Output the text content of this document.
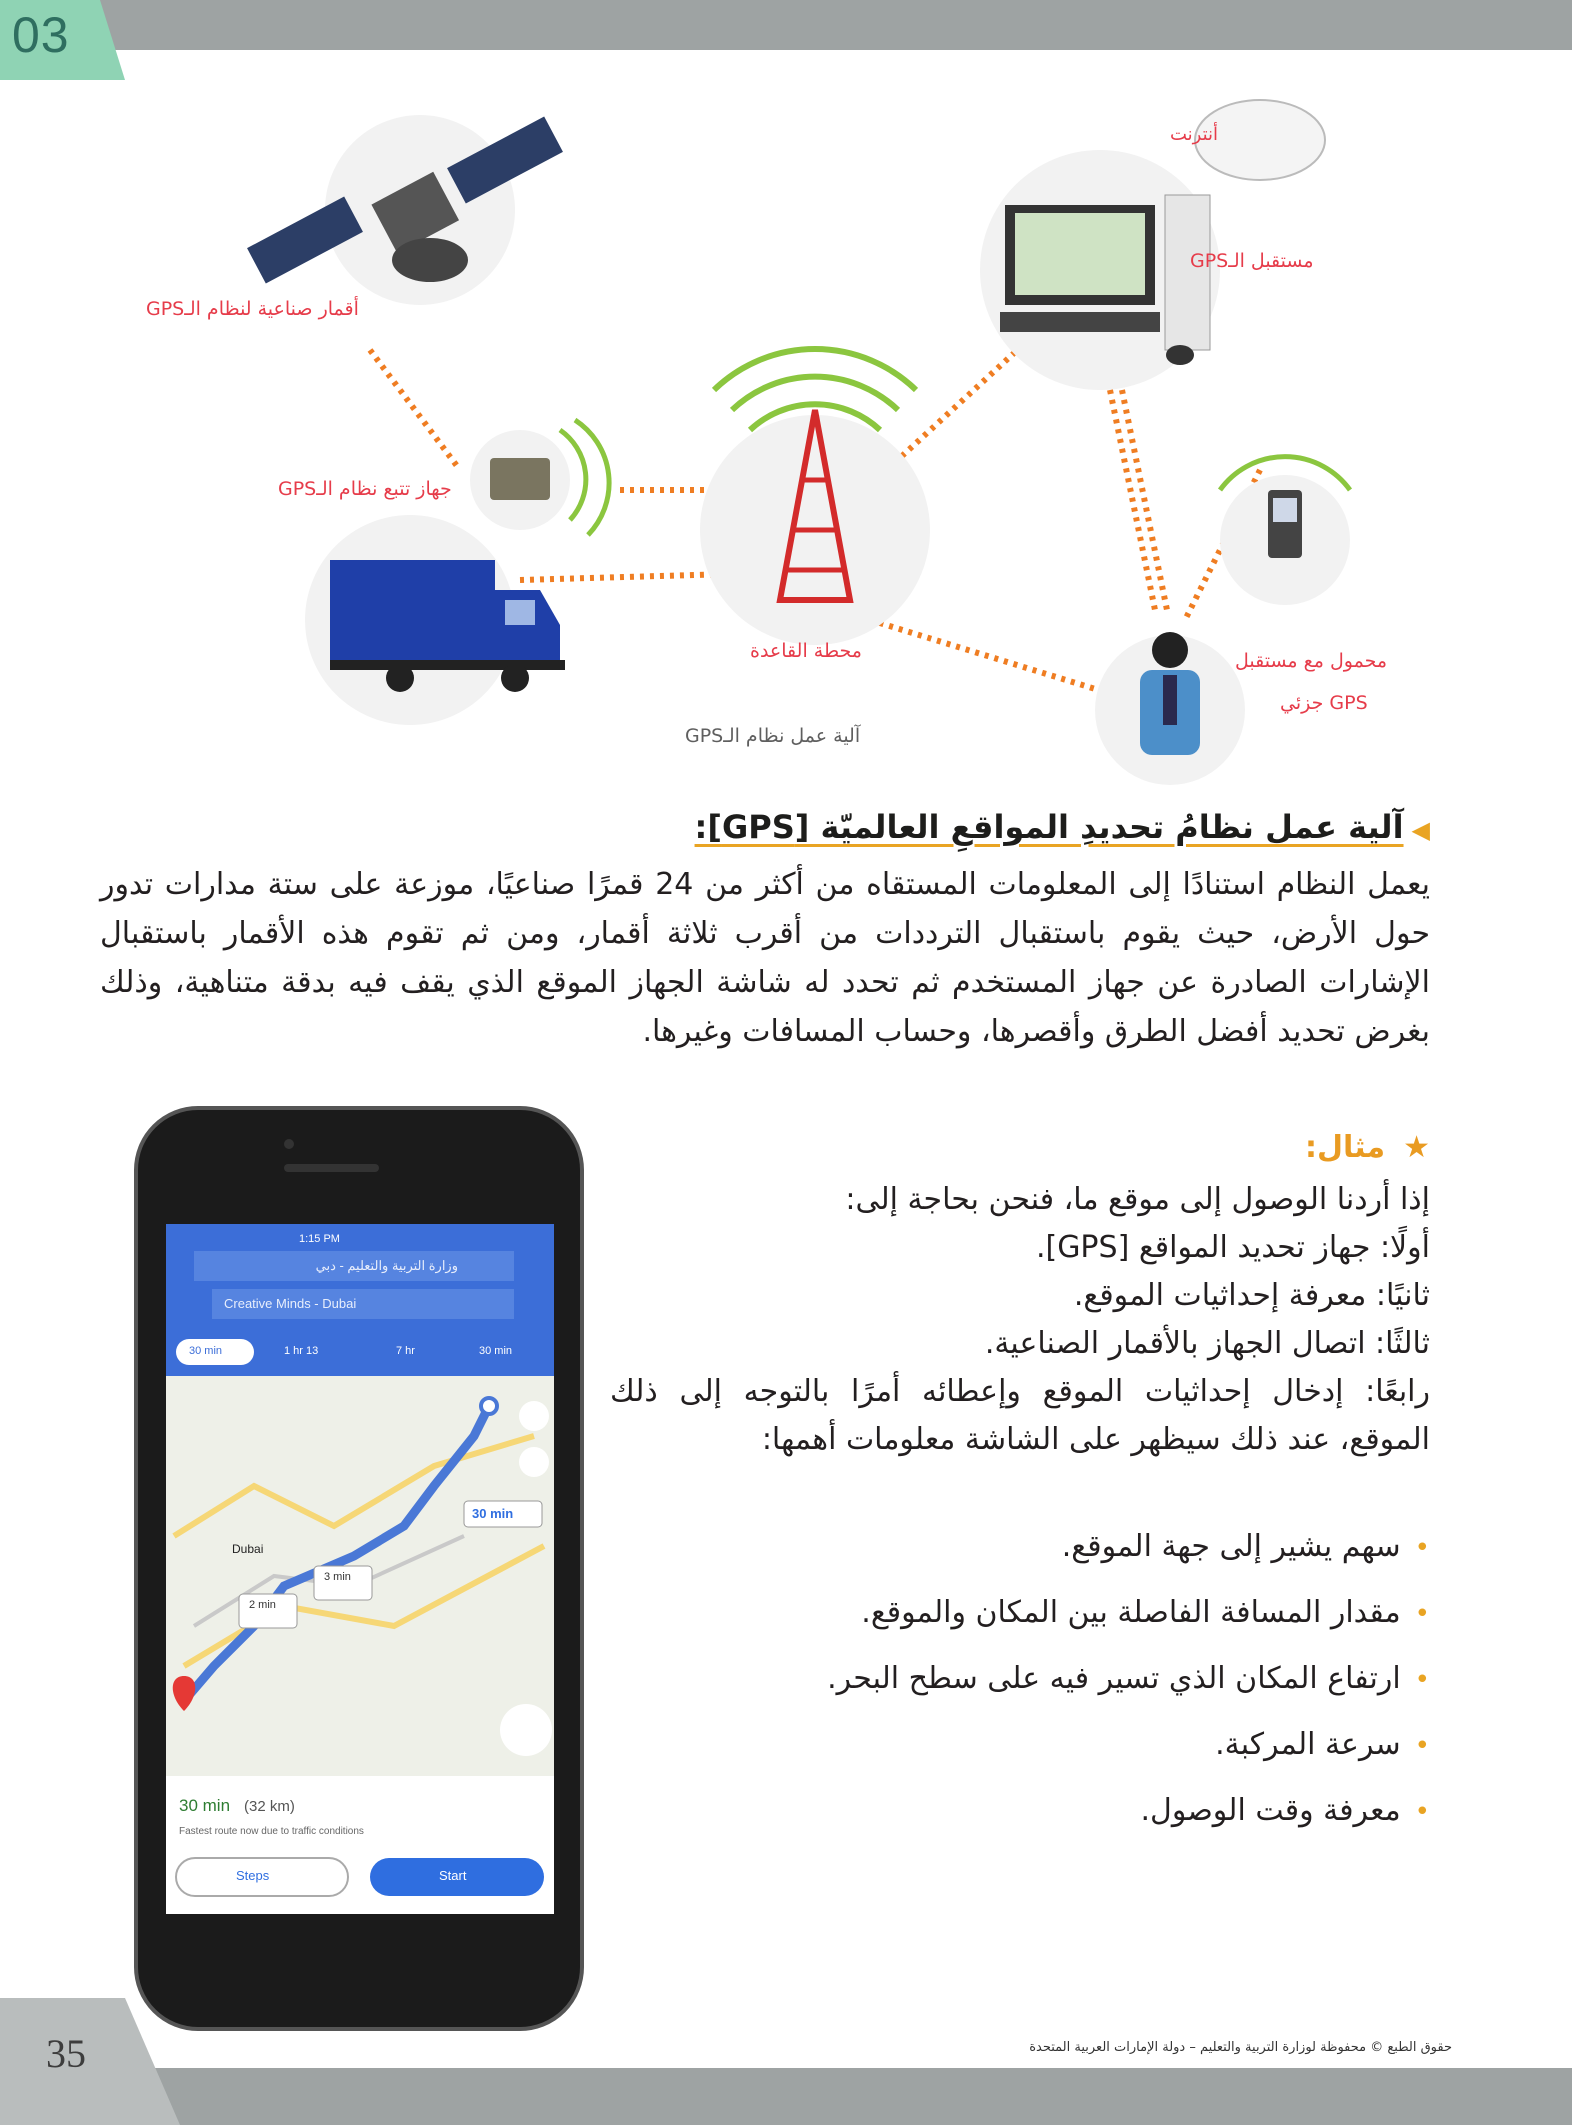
03
أقمار صناعية لنظام الـGPS
أنترنت
مستقبل الـGPS
جهاز تتبع نظام الـGPS
محطة القاعدة	محمول مع مستقبل
GPS جزئي
آلية عمل نظام الـGPS
◀آلية عمل نظامُ تحديدِ المواقعِ العالميّة [GPS]:
يعمل النظام استنادًا إلى المعلومات المستقاه من أكثر من 24 قمرًا صناعيًا، موزعة على ستة مدارات تدور حول الأرض، حيث يقوم باستقبال الترددات من أقرب ثلاثة أقمار، ومن ثم تقوم هذه الأقمار باستقبال الإشارات الصادرة عن جهاز المستخدم ثم تحدد له شاشة الجهاز الموقع الذي يقف فيه بدقة متناهية، وذلك بغرض تحديد أفضل الطرق وأقصرها، وحساب المسافات وغيرها.
★مثال:
إذا أردنا الوصول إلى موقع ما، فنحن بحاجة إلى:
أولًا: جهاز تحديد المواقع [GPS].
ثانيًا: معرفة إحداثيات الموقع.
ثالثًا: اتصال الجهاز بالأقمار الصناعية.
رابعًا: إدخال إحداثيات الموقع وإعطائه أمرًا بالتوجه إلى ذلك الموقع، عند ذلك سيظهر على الشاشة معلومات أهمها:
•سهم يشير إلى جهة الموقع.
•مقدار المسافة الفاصلة بين المكان والموقع.
•ارتفاع المكان الذي تسير فيه على سطح البحر.
•سرعة المركبة.
•معرفة وقت الوصول.
1:15 PM
وزارة التربية والتعليم - دبي
Creative Minds - Dubai
30 min	1 hr 13	7 hr	30 min
Dubai
30 min
2 min
3 min
30 min (32 km)
Fastest route now due to traffic conditions
Steps	Start
35	حقوق الطبع © محفوظة لوزارة التربية والتعليم – دولة الإمارات العربية المتحدة
